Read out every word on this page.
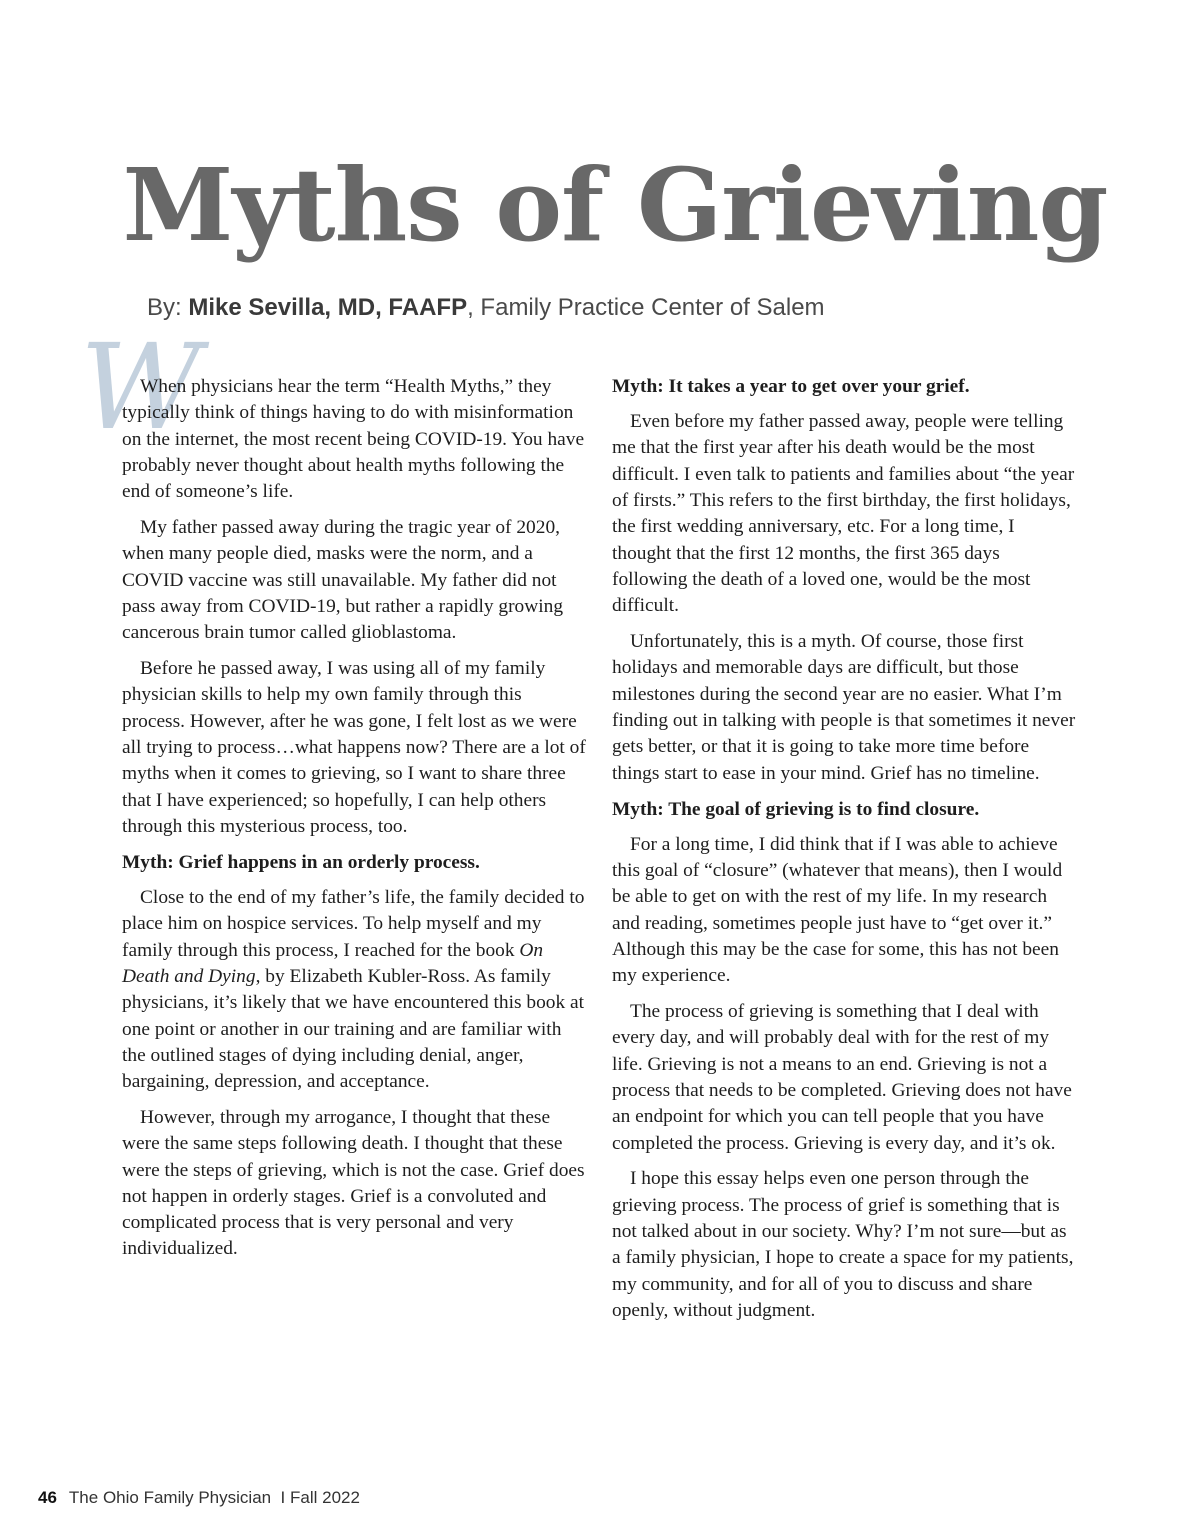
Myths of Grieving
By: Mike Sevilla, MD, FAAFP, Family Practice Center of Salem
W

When physicians hear the term “Health Myths,” they typically think of things having to do with misinformation on the internet, the most recent being COVID-19. You have probably never thought about health myths following the end of someone’s life.

My father passed away during the tragic year of 2020, when many people died, masks were the norm, and a COVID vaccine was still unavailable. My father did not pass away from COVID-19, but rather a rapidly growing cancerous brain tumor called glioblastoma.

Before he passed away, I was using all of my family physician skills to help my own family through this process. However, after he was gone, I felt lost as we were all trying to process…what happens now? There are a lot of myths when it comes to grieving, so I want to share three that I have experienced; so hopefully, I can help others through this mysterious process, too.

Myth: Grief happens in an orderly process.

Close to the end of my father’s life, the family decided to place him on hospice services. To help myself and my family through this process, I reached for the book On Death and Dying, by Elizabeth Kubler-Ross. As family physicians, it’s likely that we have encountered this book at one point or another in our training and are familiar with the outlined stages of dying including denial, anger, bargaining, depression, and acceptance.

However, through my arrogance, I thought that these were the same steps following death. I thought that these were the steps of grieving, which is not the case. Grief does not happen in orderly stages. Grief is a convoluted and complicated process that is very personal and very individualized.

Myth: It takes a year to get over your grief.

Even before my father passed away, people were telling me that the first year after his death would be the most difficult. I even talk to patients and families about “the year of firsts.” This refers to the first birthday, the first holidays, the first wedding anniversary, etc. For a long time, I thought that the first 12 months, the first 365 days following the death of a loved one, would be the most difficult.

Unfortunately, this is a myth. Of course, those first holidays and memorable days are difficult, but those milestones during the second year are no easier. What I’m finding out in talking with people is that sometimes it never gets better, or that it is going to take more time before things start to ease in your mind. Grief has no timeline.

Myth: The goal of grieving is to find closure.

For a long time, I did think that if I was able to achieve this goal of “closure” (whatever that means), then I would be able to get on with the rest of my life. In my research and reading, sometimes people just have to “get over it.” Although this may be the case for some, this has not been my experience.

The process of grieving is something that I deal with every day, and will probably deal with for the rest of my life. Grieving is not a means to an end. Grieving is not a process that needs to be completed. Grieving does not have an endpoint for which you can tell people that you have completed the process. Grieving is every day, and it’s ok.

I hope this essay helps even one person through the grieving process. The process of grief is something that is not talked about in our society. Why? I’m not sure—but as a family physician, I hope to create a space for my patients, my community, and for all of you to discuss and share openly, without judgment.

46 The Ohio Family Physician  I Fall 2022
